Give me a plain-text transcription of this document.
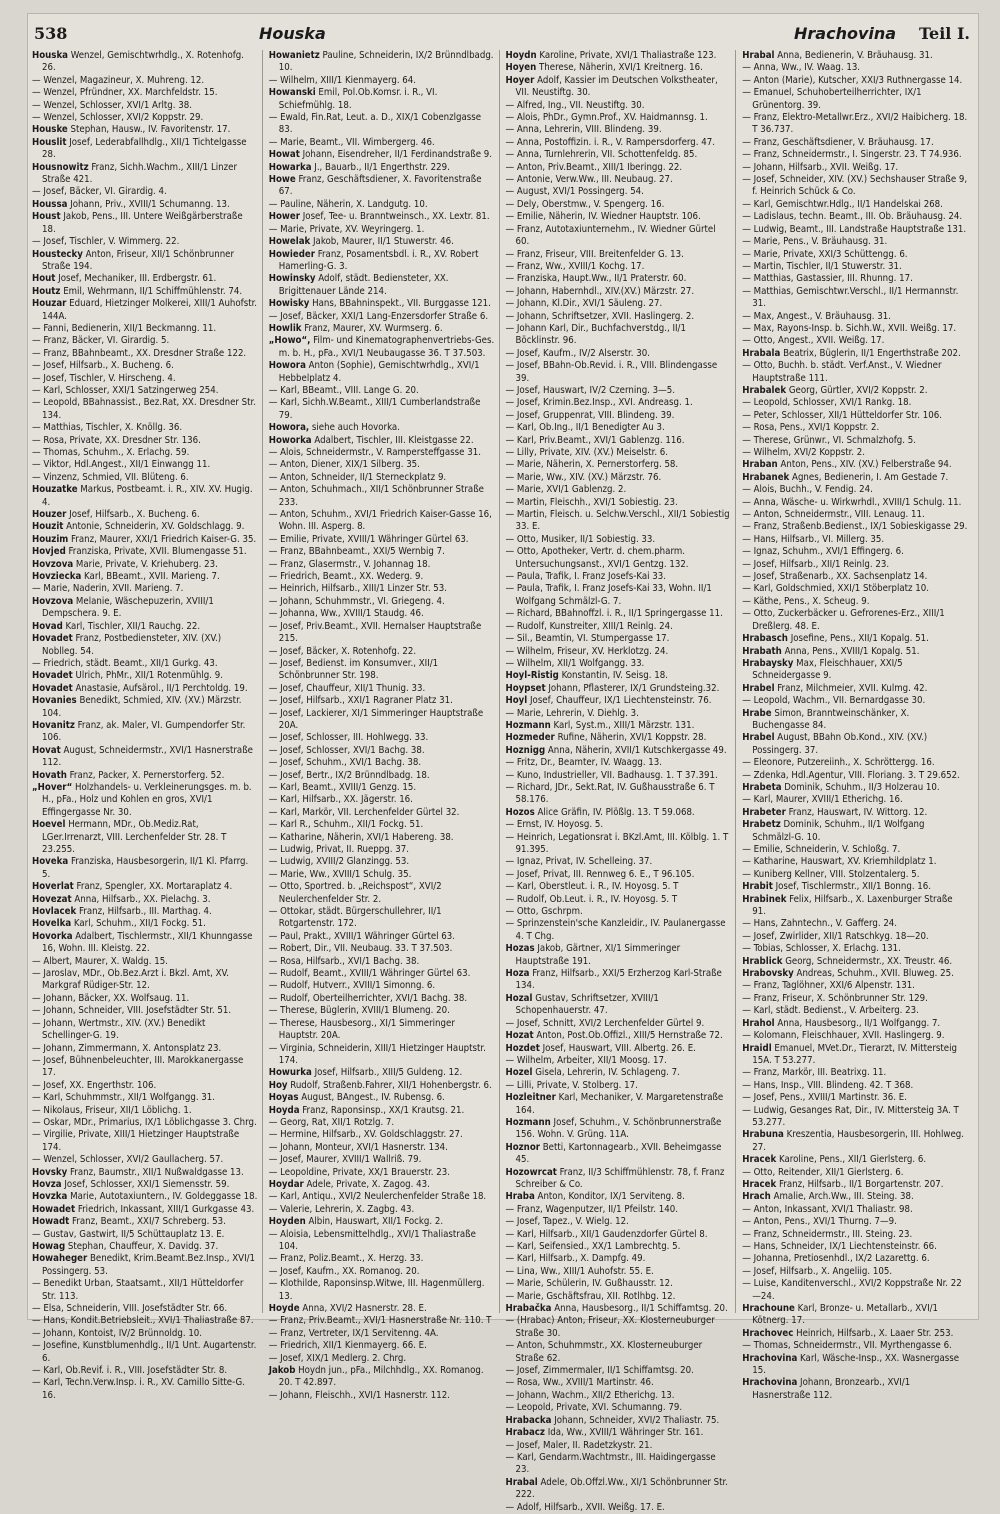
538	Houska	Hrachovina Teil I.

Houska Wenzel, Gemischtwrhdlg., X. Rotenhofg. 26.

— Wenzel, Magazineur, X. Muhreng. 12.

— Wenzel, Pfründner, XX. Marchfeldstr. 15.

— Wenzel, Schlosser, XVI/1 Arltg. 38.

— Wenzel, Schlosser, XVI/2 Koppstr. 29.

Houske Stephan, Hausw., IV. Favoritenstr. 17.

Houslit Josef, Lederabfallhdlg., XII/1 Tichtelgasse 28.

Housnowitz Franz, Sichh.Wachm., XIII/1 Linzer Straße 421.

— Josef, Bäcker, VI. Girardig. 4.

Houssa Johann, Priv., XVIII/1 Schumanng. 13.

Houst Jakob, Pens., III. Untere Weißgärberstraße 18.

— Josef, Tischler, V. Wimmerg. 22.

Houstecky Anton, Friseur, XII/1 Schönbrunner Straße 194.

Hout Josef, Mechaniker, III. Erdbergstr. 61.

Houtz Emil, Wehrmann, II/1 Schiffmühlenstr. 74.

Houzar Eduard, Hietzinger Molkerei, XIII/1 Auhofstr. 144A.

— Fanni, Bedienerin, XII/1 Beckmanng. 11.

— Franz, Bäcker, VI. Girardig. 5.

— Franz, BBahnbeamt., XX. Dresdner Straße 122.

— Josef, Hilfsarb., X. Bucheng. 6.

— Josef, Tischler, V. Hirscheng. 4.

— Karl, Schlosser, XXI/1 Satzingerweg 254.

— Leopold, BBahnassist., Bez.Rat, XX. Dresdner Str. 134.

— Matthias, Tischler, X. Knöllg. 36.

— Rosa, Private, XX. Dresdner Str. 136.

— Thomas, Schuhm., X. Erlachg. 59.

— Viktor, Hdl.Angest., XII/1 Einwangg 11.

— Vinzenz, Schmied, VII. Blüteng. 6.

Houzatke Markus, Postbeamt. i. R., XIV. XV. Hugig. 4.

Houzer Josef, Hilfsarb., X. Bucheng. 6.

Houzit Antonie, Schneiderin, XV. Goldschlagg. 9.

Houzim Franz, Maurer, XXI/1 Friedrich Kaiser-G. 35.

Hovjed Franziska, Private, XVII. Blumengasse 51.

Hovzova Marie, Private, V. Kriehuberg. 23.

Hovziecka Karl, BBeamt., XVII. Marieng. 7.

— Marie, Naderin, XVII. Marieng. 7.

Hovzova Melanie, Wäschepuzerin, XVIII/1 Dempschera. 9. E.

Hovad Karl, Tischler, XII/1 Rauchg. 22.

Hovadet Franz, Postbediensteter, XIV. (XV.) Noblleg. 54.

— Friedrich, städt. Beamt., XII/1 Gurkg. 43.

Hovadet Ulrich, PhMr., XII/1 Rotenmühlg. 9.

Hovadet Anastasie, Aufsärol., II/1 Perchtoldg. 19.

Hovanies Benedikt, Schmied, XIV. (XV.) Märzstr. 104.

Hovanitz Franz, ak. Maler, VI. Gumpendorfer Str. 106.

Hovat August, Schneidermstr., XVI/1 Hasnerstraße 112.

Hovath Franz, Packer, X. Pernerstorferg. 52.

„Hover“ Holzhandels- u. Verkleinerungsges. m. b. H., pFa., Holz und Kohlen en gros, XVI/1 Effingergasse Nr. 30.

Hoevel Hermann, MDr., Ob.Mediz.Rat, LGer.Irrenarzt, VIII. Lerchenfelder Str. 28. T 23.255.

Hoveka Franziska, Hausbesorgerin, II/1 Kl. Pfarrg. 5.

Hoverlat Franz, Spengler, XX. Mortaraplatz 4.

Hovezat Anna, Hilfsarb., XX. Pielachg. 3.

Hovlacek Franz, Hilfsarb., III. Marthag. 4.

Hovelka Karl, Schuhm., XII/1 Fockg. 51.

Hovorka Adalbert, Tischlermstr., XII/1 Khunngasse 16, Wohn. III. Kleistg. 22.

— Albert, Maurer, X. Waldg. 15.

— Jaroslav, MDr., Ob.Bez.Arzt i. Bkzl. Amt, XV. Markgraf Rüdiger-Str. 12.

— Johann, Bäcker, XX. Wolfsaug. 11.

— Johann, Schneider, VIII. Josefstädter Str. 51.

— Johann, Wertmstr., XIV. (XV.) Benedikt Schellinger-G. 19.

— Johann, Zimmermann, X. Antonsplatz 23.

— Josef, Bühnenbeleuchter, III. Marokkanergasse 17.

— Josef, XX. Engerthstr. 106.

— Karl, Schuhmmstr., XII/1 Wolfgangg. 31.

— Nikolaus, Friseur, XII/1 Löblichg. 1.

— Oskar, MDr., Primarius, IX/1 Löblichgasse 3. Chrg.

— Virgilie, Private, XIII/1 Hietzinger Hauptstraße 174.

— Wenzel, Schlosser, XVI/2 Gaullacherg. 57.

Hovsky Franz, Baumstr., XII/1 Nußwaldgasse 13.

Hovza Josef, Schlosser, XXI/1 Siemensstr. 59.

Hovzka Marie, Autotaxiuntern., IV. Goldeggasse 18.

Howadet Friedrich, Inkassant, XIII/1 Gurkgasse 43.

Howadt Franz, Beamt., XXI/7 Schreberg. 53.

— Gustav, Gastwirt, II/5 Schüttauplatz 13. E.

Howag Stephan, Chauffeur, X. Davidg. 37.

Howaheger Benedikt, Krim.Beamt.Bez.Insp., XVI/1 Possingerg. 53.

— Benedikt Urban, Staatsamt., XII/1 Hütteldorfer Str. 113.

— Elsa, Schneiderin, VIII. Josefstädter Str. 66.

— Hans, Kondit.Betriebsleit., XVI/1 Thaliastraße 87.

— Johann, Kontoist, IV/2 Brünnoldg. 10.

— Josefine, Kunstblumenhdlg., II/1 Unt. Augartenstr. 6.

— Karl, Ob.Revif. i. R., VIII. Josefstädter Str. 8.

— Karl, Techn.Verw.Insp. i. R., XV. Camillo Sitte-G. 16.

Howanietz Pauline, Schneiderin, IX/2 Brünndlbadg. 10.

— Wilhelm, XIII/1 Kienmayerg. 64.

Howanski Emil, Pol.Ob.Komsr. i. R., VI. Schiefmühlg. 18.

— Ewald, Fin.Rat, Leut. a. D., XIX/1 Cobenzlgasse 83.

— Marie, Beamt., VII. Wimbergerg. 46.

Howat Johann, Eisendreher, II/1 Ferdinandstraße 9.

Howarka J., Bauarb., II/1 Engerthstr. 229.

Howe Franz, Geschäftsdiener, X. Favoritenstraße 67.

— Pauline, Näherin, X. Landgutg. 10.

Hower Josef, Tee- u. Branntweinsch., XX. Lextr. 81.

— Marie, Private, XV. Weyringerg. 1.

Howelak Jakob, Maurer, II/1 Stuwerstr. 46.

Howieder Franz, Posamentsbdl. i. R., XV. Robert Hamerling-G. 3.

Howinsky Adolf, städt. Bediensteter, XX. Brigittenauer Lände 214.

Howisky Hans, BBahninspekt., VII. Burggasse 121.

— Josef, Bäcker, XXI/1 Lang-Enzersdorfer Straße 6.

Howlik Franz, Maurer, XV. Wurmserg. 6.

„Howo“, Film- und Kinematographenvertriebs-Ges. m. b. H., pFa., XVI/1 Neubaugasse 36. T 37.503.

Howora Anton (Sophie), Gemischtwrhdlg., XVI/1 Hebbelplatz 4.

— Karl, BBeamt., VIII. Lange G. 20.

— Karl, Sichh.W.Beamt., XIII/1 Cumberlandstraße 79.

Howora, siehe auch Hovorka.

Howorka Adalbert, Tischler, III. Kleistgasse 22.

— Alois, Schneidermstr., V. Rampersteffgasse 31.

— Anton, Diener, XIX/1 Silberg. 35.

— Anton, Schneider, II/1 Sterneckplatz 9.

— Anton, Schuhmach., XII/1 Schönbrunner Straße 233.

— Anton, Schuhm., XVI/1 Friedrich Kaiser-Gasse 16, Wohn. III. Asperg. 8.

— Emilie, Private, XVIII/1 Währinger Gürtel 63.

— Franz, BBahnbeamt., XXI/5 Wernbig 7.

— Franz, Glasermstr., V. Johannag 18.

— Friedrich, Beamt., XX. Wederg. 9.

— Heinrich, Hilfsarb., XIII/1 Linzer Str. 53.

— Johann, Schuhmmstr., VI. Griegeng. 4.

— Johanna, Ww., XVIII/1 Staudg. 46.

— Josef, Priv.Beamt., XVII. Hernalser Hauptstraße 215.

— Josef, Bäcker, X. Rotenhofg. 22.

— Josef, Bedienst. im Konsumver., XII/1 Schönbrunner Str. 198.

— Josef, Chauffeur, XII/1 Thunig. 33.

— Josef, Hilfsarb., XXI/1 Ragraner Platz 31.

— Josef, Lackierer, XI/1 Simmeringer Hauptstraße 20A.

— Josef, Schlosser, III. Hohlwegg. 33.

— Josef, Schlosser, XVI/1 Bachg. 38.

— Josef, Schuhm., XVI/1 Bachg. 38.

— Josef, Bertr., IX/2 Brünndlbadg. 18.

— Karl, Beamt., XVIII/1 Genzg. 15.

— Karl, Hilfsarb., XX. Jägerstr. 16.

— Karl, Markör, VII. Lerchenfelder Gürtel 32.

— Karl R., Schuhm., XII/1 Fockg. 51.

— Katharine, Näherin, XVI/1 Habereng. 38.

— Ludwig, Privat, II. Rueppg. 37.

— Ludwig, XVIII/2 Glanzingg. 53.

— Marie, Ww., XVIII/1 Schulg. 35.

— Otto, Sportred. b. „Reichspost“, XVI/2 Neulerchenfelder Str. 2.

— Ottokar, städt. Bürgerschullehrer, II/1 Rotgartenstr. 172.

— Paul, Prakt., XVIII/1 Währinger Gürtel 63.

— Robert, Dir., VII. Neubaug. 33. T 37.503.

— Rosa, Hilfsarb., XVI/1 Bachg. 38.

— Rudolf, Beamt., XVIII/1 Währinger Gürtel 63.

— Rudolf, Hutverr., XVIII/1 Simonng. 6.

— Rudolf, Oberteilherrichter, XVI/1 Bachg. 38.

— Therese, Büglerin, XVIII/1 Blumeng. 20.

— Therese, Hausbesorg., XI/1 Simmeringer Hauptstr. 20A.

— Virginia, Schneiderin, XIII/1 Hietzinger Hauptstr. 174.

Howurka Josef, Hilfsarb., XIII/5 Guldeng. 12.

Hoy Rudolf, Straßenb.Fahrer, XII/1 Hohenbergstr. 6.

Hoyas August, BAngest., IV. Rubensg. 6.

Hoyda Franz, Raponsinsp., XX/1 Krautsg. 21.

— Georg, Rat, XII/1 Rotzlg. 7.

— Hermine, Hilfsarb., XV. Goldschlaggstr. 27.

— Johann, Monteur, XVI/1 Hasnerstr. 134.

— Josef, Maurer, XVIII/1 Wallriß. 79.

— Leopoldine, Private, XX/1 Brauerstr. 23.

Hoydar Adele, Private, X. Zagog. 43.

— Karl, Antiqu., XVI/2 Neulerchenfelder Straße 18.

— Valerie, Lehrerin, X. Zagbg. 43.

Hoyden Albin, Hauswart, XII/1 Fockg. 2.

— Aloisia, Lebensmittelhdlg., XVI/1 Thaliastraße 104.

— Franz, Poliz.Beamt., X. Herzg. 33.

— Josef, Kaufm., XX. Romanog. 20.

— Klothilde, Raponsinsp.Witwe, III. Hagenmüllerg. 13.

Hoyde Anna, XVI/2 Hasnerstr. 28. E.

— Franz, Priv.Beamt., XVI/1 Hasnerstraße Nr. 110. T

— Franz, Vertreter, IX/1 Servitenng. 4A.

— Friedrich, XII/1 Kienmayerg. 66. E.

— Josef, XIX/1 Medlerg. 2. Chrg.

Jakob Hoydn jun., pFa., Milchhdlg., XX. Romanog. 20. T 42.897.

— Johann, Fleischh., XVI/1 Hasnerstr. 112.

Hoydn Karoline, Private, XVI/1 Thaliastraße 123.

Hoyen Therese, Näherin, XVI/1 Kreitnerg. 16.

Hoyer Adolf, Kassier im Deutschen Volkstheater, VII. Neustiftg. 30.

— Alfred, Ing., VII. Neustiftg. 30.

— Alois, PhDr., Gymn.Prof., XV. Haidmannsg. 1.

— Anna, Lehrerin, VIII. Blindeng. 39.

— Anna, Postoffizin. i. R., V. Rampersdorferg. 47.

— Anna, Turnlehrerin, VII. Schottenfeldg. 85.

— Anton, Priv.Beamt., XIII/1 Iberingg. 22.

— Antonie, Verw.Ww., III. Neubaug. 27.

— August, XVI/1 Possingerg. 54.

— Dely, Oberstmw., V. Spengerg. 16.

— Emilie, Näherin, IV. Wiedner Hauptstr. 106.

— Franz, Autotaxiunternehm., IV. Wiedner Gürtel 60.

— Franz, Friseur, VIII. Breitenfelder G. 13.

— Franz, Ww., XVIII/1 Kochg. 17.

— Franziska, Haupt.Ww., II/1 Praterstr. 60.

— Johann, Habernhdl., XIV.(XV.) Märzstr. 27.

— Johann, Kl.Dir., XVI/1 Säuleng. 27.

— Johann, Schriftsetzer, XVII. Haslingerg. 2.

— Johann Karl, Dir., Buchfachverstdg., II/1 Böcklinstr. 96.

— Josef, Kaufm., IV/2 Alserstr. 30.

— Josef, BBahn-Ob.Revid. i. R., VIII. Blindengasse 39.

— Josef, Hauswart, IV/2 Czerning. 3—5.

— Josef, Krimin.Bez.Insp., XVI. Andreasg. 1.

— Josef, Gruppenrat, VIII. Blindeng. 39.

— Karl, Ob.Ing., II/1 Benedigter Au 3.

— Karl, Priv.Beamt., XVI/1 Gablenzg. 116.

— Lilly, Private, XIV. (XV.) Meiselstr. 6.

— Marie, Näherin, X. Pernerstorferg. 58.

— Marie, Ww., XIV. (XV.) Märzstr. 76.

— Marie, XVI/1 Gablenzg. 2.

— Martin, Fleischh., XVI/1 Sobiestig. 23.

— Martin, Fleisch. u. Selchw.Verschl., XII/1 Sobiestig 33. E.

— Otto, Musiker, II/1 Sobiestig. 33.

— Otto, Apotheker, Vertr. d. chem.pharm. Untersuchungsanst., XVI/1 Gentzg. 132.

— Paula, Trafik, I. Franz Josefs-Kai 33.

— Paula, Trafik, I. Franz Josefs-Kai 33, Wohn. II/1 Wolfgang Schmälzl-G. 7.

— Richard, BBahnoffzl. i. R., II/1 Springergasse 11.

— Rudolf, Kunstreiter, XIII/1 Reinlg. 24.

— Sil., Beamtin, VI. Stumpergasse 17.

— Wilhelm, Friseur, XV. Herklotzg. 24.

— Wilhelm, XII/1 Wolfgangg. 33.

Hoyl-Ristig Konstantin, IV. Seisg. 18.

Hoypset Johann, Pflasterer, IX/1 Grundsteing.32.

Hoyl Josef, Chauffeur, IX/1 Liechtensteinstr. 76.

— Marie, Lehrerin, V. Diehlg. 3.

Hozmann Karl, Syst.m., XIII/1 Märzstr. 131.

Hozmeder Rufine, Näherin, XVI/1 Koppstr. 28.

Hoznigg Anna, Näherin, XVII/1 Kutschkergasse 49.

— Fritz, Dr., Beamter, IV. Waagg. 13.

— Kuno, Industrieller, VII. Badhausg. 1. T 37.391.

— Richard, JDr., Sekt.Rat, IV. Gußhausstraße 6. T 58.176.

Hozos Alice Gräfin, IV. Plößlg. 13. T 59.068.

— Ernst, IV. Hoyosg. 5.

— Heinrich, Legationsrat i. BKzl.Amt, III. Kölblg. 1. T 91.395.

— Ignaz, Privat, IV. Schelleing. 37.

— Josef, Privat, III. Rennweg 6. E., T 96.105.

— Karl, Oberstleut. i. R., IV. Hoyosg. 5. T

— Rudolf, Ob.Leut. i. R., IV. Hoyosg. 5. T

— Otto, Gschrpm.

— Sprinzenstein'sche Kanzleidir., IV. Paulanergasse 4. T Chg.

Hozas Jakob, Gärtner, XI/1 Simmeringer Hauptstraße 191.

Hoza Franz, Hilfsarb., XXI/5 Erzherzog Karl-Straße 134.

Hozal Gustav, Schriftsetzer, XVIII/1 Schopenhauerstr. 47.

— Josef, Schnitt, XVI/2 Lerchenfelder Gürtel 9.

Hozat Anton, Post.Ob.Offizl., XIII/5 Hernstraße 72.

Hozdet Josef, Hauswart, VIII. Albertg. 26. E.

— Wilhelm, Arbeiter, XII/1 Moosg. 17.

Hozel Gisela, Lehrerin, IV. Schlageng. 7.

— Lilli, Private, V. Stolberg. 17.

Hozleitner Karl, Mechaniker, V. Margaretenstraße 164.

Hozmann Josef, Schuhm., V. Schönbrunnerstraße 156. Wohn. V. Grüng. 11A.

Hoznor Betti, Kartonnagearb., XVII. Beheimgasse 45.

Hozowrcat Franz, II/3 Schiffmühlenstr. 78, f. Franz Schreiber & Co.

Hraba Anton, Konditor, IX/1 Serviteng. 8.

— Franz, Wagenputzer, II/1 Pfeilstr. 140.

— Josef, Tapez., V. Wielg. 12.

— Karl, Hilfsarb., XII/1 Gaudenzdorfer Gürtel 8.

— Karl, Seifensied., XX/1 Lambrechtg. 5.

— Karl, Hilfsarb., X. Dampfg. 49.

— Lina, Ww., XIII/1 Auhofstr. 55. E.

— Marie, Schülerin, IV. Gußhausstr. 12.

— Marie, Gschäftsfrau, XII. Rotlhbg. 12.

Hrabačka Anna, Hausbesorg., II/1 Schiffamtsg. 20.

— (Hrabac) Anton, Friseur, XX. Klosterneuburger Straße 30.

— Anton, Schuhmmstr., XX. Klosterneuburger Straße 62.

— Josef, Zimmermaler, II/1 Schiffamtsg. 20.

— Rosa, Ww., XVIII/1 Martinstr. 46.

— Johann, Wachm., XII/2 Etherichg. 13.

— Leopold, Private, XVI. Schumanng. 79.

Hrabacka Johann, Schneider, XVI/2 Thaliastr. 75.

Hrabacz Ida, Ww., XVIII/1 Währinger Str. 161.

— Josef, Maler, II. Radetzkystr. 21.

— Karl, Gendarm.Wachtmstr., III. Haidingergasse 23.

Hrabal Adele, Ob.Offzl.Ww., XI/1 Schönbrunner Str. 222.

— Adolf, Hilfsarb., XVII. Weißg. 17. E.

Hrabal Anna, Bedienerin, V. Bräuhausg. 31.

— Anna, Ww., IV. Waag. 13.

— Anton (Marie), Kutscher, XXI/3 Ruthnergasse 14.

— Emanuel, Schuhoberteilherrichter, IX/1 Grünentorg. 39.

— Franz, Elektro-Metallwr.Erz., XVI/2 Haibicherg. 18. T 36.737.

— Franz, Geschäftsdiener, V. Bräuhausg. 17.

— Franz, Schneidermstr., I. Singerstr. 23. T 74.936.

— Johann, Hilfsarb., XVII. Weißg. 17.

— Josef, Schneider, XIV. (XV.) Sechshauser Straße 9, f. Heinrich Schück & Co.

— Karl, Gemischtwr.Hdlg., II/1 Handelskai 268.

— Ladislaus, techn. Beamt., III. Ob. Bräuhausg. 24.

— Ludwig, Beamt., III. Landstraße Hauptstraße 131.

— Marie, Pens., V. Bräuhausg. 31.

— Marie, Private, XXI/3 Schüttengg. 6.

— Martin, Tischler, II/1 Stuwerstr. 31.

— Matthias, Gastassier, III. Rhunng. 17.

— Matthias, Gemischtwr.Verschl., II/1 Hermannstr. 31.

— Max, Angest., V. Bräuhausg. 31.

— Max, Rayons-Insp. b. Sichh.W., XVII. Weißg. 17.

— Otto, Angest., XVII. Weißg. 17.

Hrabala Beatrix, Büglerin, II/1 Engerthstraße 202.

— Otto, Buchh. b. städt. Verf.Anst., V. Wiedner Hauptstraße 111.

Hrabalek Georg, Gürtler, XVI/2 Koppstr. 2.

— Leopold, Schlosser, XVI/1 Rankg. 18.

— Peter, Schlosser, XII/1 Hütteldorfer Str. 106.

— Rosa, Pens., XVI/1 Koppstr. 2.

— Therese, Grünwr., VI. Schmalzhofg. 5.

— Wilhelm, XVI/2 Koppstr. 2.

Hraban Anton, Pens., XIV. (XV.) Felberstraße 94.

Hrabanek Agnes, Bedienerin, I. Am Gestade 7.

— Alois, Buchh., V. Fendig. 24.

— Anna, Wäsche- u. Wirkwrhdl., XVIII/1 Schulg. 11.

— Anton, Schneidermstr., VIII. Lenaug. 11.

— Franz, Straßenb.Bedienst., IX/1 Sobieskigasse 29.

— Hans, Hilfsarb., VI. Millerg. 35.

— Ignaz, Schuhm., XVI/1 Effingerg. 6.

— Josef, Hilfsarb., XII/1 Reinlg. 23.

— Josef, Straßenarb., XX. Sachsenplatz 14.

— Karl, Goldschmied, XXI/1 Stöberplatz 10.

— Käthe, Pens., X. Scheug. 9.

— Otto, Zuckerbäcker u. Gefrorenes-Erz., XIII/1 Dreßlerg. 48. E.

Hrabasch Josefine, Pens., XII/1 Kopalg. 51.

Hrabath Anna, Pens., XVIII/1 Kopalg. 51.

Hrabaysky Max, Fleischhauer, XXI/5 Schneidergasse 9.

Hrabel Franz, Milchmeier, XVII. Kulmg. 42.

— Leopold, Wachm., VII. Bernardgasse 30.

Hrabe Simon, Branntweinschänker, X. Buchengasse 84.

Hrabel August, BBahn Ob.Kond., XIV. (XV.) Possingerg. 37.

— Eleonore, Putzereiinh., X. Schröttergg. 16.

— Zdenka, Hdl.Agentur, VIII. Floriang. 3. T 29.652.

Hrabeta Dominik, Schuhm., II/3 Holzerau 10.

— Karl, Maurer, XVIII/1 Etherichg. 16.

Hrabeter Franz, Hauswart, IV. Wittorg. 12.

Hrabetz Dominik, Schuhm., II/1 Wolfgang Schmälzl-G. 10.

— Emilie, Schneiderin, V. Schloßg. 7.

— Katharine, Hauswart, XV. Kriemhildplatz 1.

— Kuniberg Kellner, VIII. Stolzentalerg. 5.

Hrabit Josef, Tischlermstr., XII/1 Bonng. 16.

Hrabinek Felix, Hilfsarb., X. Laxenburger Straße 91.

— Hans, Zahntechn., V. Gafferg. 24.

— Josef, Zwirlider, XII/1 Ratschkyg. 18—20.

— Tobias, Schlosser, X. Erlachg. 131.

Hrablick Georg, Schneidermstr., XX. Treustr. 46.

Hrabovsky Andreas, Schuhm., XVII. Bluweg. 25.

— Franz, Taglöhner, XXI/6 Alpenstr. 131.

— Franz, Friseur, X. Schönbrunner Str. 129.

— Karl, städt. Bedienst., V. Arbeiterg. 23.

Hrahol Anna, Hausbesorg., II/1 Wolfgangg. 7.

— Kolomann, Fleischhauer, XVII. Haslingerg. 9.

Hraidl Emanuel, MVet.Dr., Tierarzt, IV. Mittersteig 15A. T 53.277.

— Franz, Markör, III. Beatrixg. 11.

— Hans, Insp., VIII. Blindeng. 42. T 368.

— Josef, Pens., XVIII/1 Martinstr. 36. E.

— Ludwig, Gesanges Rat, Dir., IV. Mittersteig 3A. T 53.277.

Hrabuna Kreszentia, Hausbesorgerin, III. Hohlweg. 27.

Hracek Karoline, Pens., XII/1 Gierlsterg. 6.

— Otto, Reitender, XII/1 Gierlsterg. 6.

Hracek Franz, Hilfsarb., II/1 Borgartenstr. 207.

Hrach Amalie, Arch.Ww., III. Steing. 38.

— Anton, Inkassant, XVI/1 Thaliastr. 98.

— Anton, Pens., XVI/1 Thurng. 7—9.

— Franz, Schneidermstr., III. Steing. 23.

— Hans, Schneider, IX/1 Liechtensteinstr. 66.

— Johanna, Pretiosenhdl., IX/2 Lazarettg. 6.

— Josef, Hilfsarb., X. Angeliig. 105.

— Luise, Kanditenverschl., XVI/2 Koppstraße Nr. 22—24.

Hrachoune Karl, Bronze- u. Metallarb., XVI/1 Kötnerg. 17.

Hrachovec Heinrich, Hilfsarb., X. Laaer Str. 253.

— Thomas, Schneidermstr., VII. Myrthengasse 6.

Hrachovina Karl, Wäsche-Insp., XX. Wasnergasse 15.

Hrachovina Johann, Bronzearb., XVI/1 Hasnerstraße 112.
